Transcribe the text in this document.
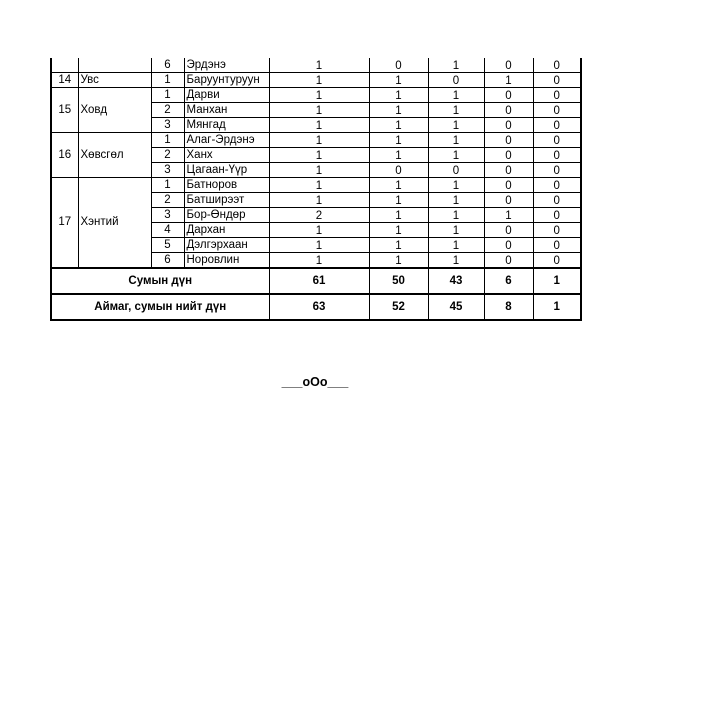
		6	Эрдэнэ	1	0	1	0	0
14	Увс	1	Баруунтуруун	1	1	0	1	0
15	Ховд	1	Дарви	1	1	1	0	0
		2	Манхан	1	1	1	0	0
		3	Мянгад	1	1	1	0	0
16	Хөвсгөл	1	Алаг-Эрдэнэ	1	1	1	0	0
		2	Ханх	1	1	1	0	0
		3	Цагаан-Үүр	1	0	0	0	0
17	Хэнтий	1	Батноров	1	1	1	0	0
		2	Батширээт	1	1	1	0	0
		3	Бор-Өндөр	2	1	1	1	0
		4	Дархан	1	1	1	0	0
		5	Дэлгэрхаан	1	1	1	0	0
		6	Норовлин	1	1	1	0	0
Сумын дүн				61	50	43	6	1
Аймаг, сумын нийт дүн				63	52	45	8	1
___oOo___
